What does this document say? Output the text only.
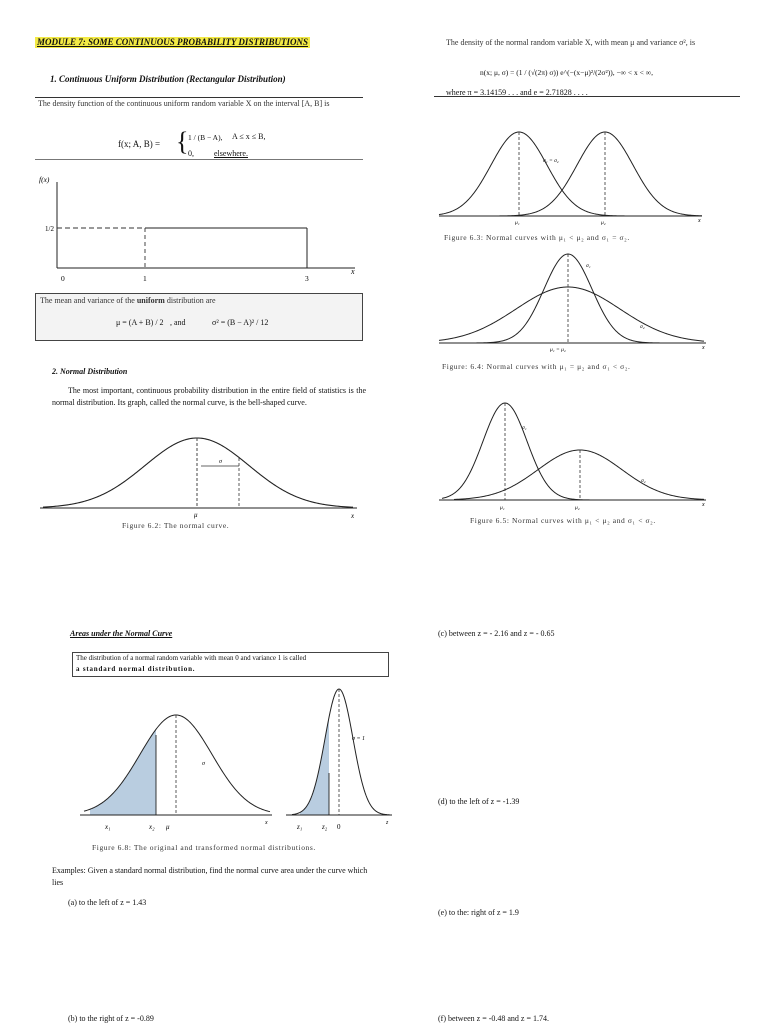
MODULE 7: SOME CONTINUOUS PROBABILITY DISTRIBUTIONS
1. Continuous Uniform Distribution (Rectangular Distribution)
The density function of the continuous uniform random variable X on the interval [A, B] is
f(x; A, B) = { 1 / (B − A), A ≤ x ≤ B,
0,	elsewhere.
f(x)
1/2
0	1	3
x
The mean and variance of the uniform distribution are
μ = (A + B) / 2 , and	σ² = (B − A)² / 12
2. Normal Distribution
The most important, continuous probability distribution in the entire field of statistics is the normal distribution. Its graph, called the normal curve, is the bell-shaped curve.
σ
μ	x
Figure 6.2: The normal curve.
Areas under the Normal Curve
The distribution of a normal random variable with mean 0 and variance 1 is called
a standard normal distribution.
σ
x₁	x₂ μ	x
σ = 1
z₁	z₂ 0	z
Figure 6.8: The original and transformed normal distributions.
Examples: Given a standard normal distribution, find the normal curve area under the curve which lies
(a) to the left of z = 1.43
(b) to the right of z = -0.89
The density of the normal random variable X, with mean μ and variance σ², is
n(x; μ, σ) = (1 / (√(2π) σ)) e^(−(x−μ)²/(2σ²)), −∞ < x < ∞,
where π = 3.14159 . . . and e = 2.71828 . . . .
σ₁ = σ₂
μ₁	μ₂	x
Figure 6.3: Normal curves with μ₁ < μ₂ and σ₁ = σ₂.
σ₁
σ₂
μ₁ = μ₂	x
Figure: 6.4: Normal curves with μ₁ = μ₂ and σ₁ < σ₂.
σ₁
σ₂
μ₁	μ₂	x
Figure 6.5: Normal curves with μ₁ < μ₂ and σ₁ < σ₂.
(c) between z = - 2.16 and z = - 0.65
(d) to the left of z = -1.39
(e) to the: right of z = 1.9
(f) between z = -0.48 and z = 1.74.
